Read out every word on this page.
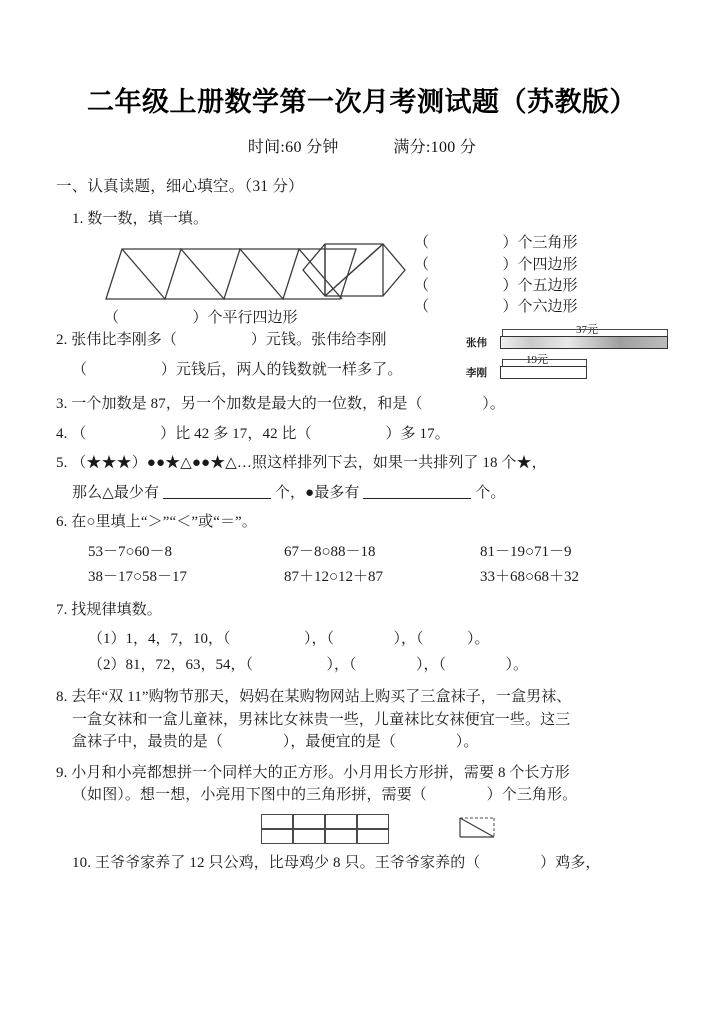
二年级上册数学第一次月考测试题（苏教版）
时间:60 分钟	满分:100 分
一、认真读题，细心填空。（31 分）
1. 数一数，填一填。
（	）个三角形
（	）个四边形
（	）个五边形
（	）个六边形
（	）个平行四边形
2. 张伟比李刚多（	）元钱。张伟给李刚
（	）元钱后，两人的钱数就一样多了。
张伟
37元
李刚
19元
3. 一个加数是 87，另一个加数是最大的一位数，和是（	）。
4. （	）比 42 多 17，42 比（	）多 17。
5. （★★★）●●★△●●★△…照这样排列下去，如果一共排列了 18 个★，
那么△最少有	个，●最多有	个。
6. 在○里填上“＞”“＜”或“＝”。
53－7○60－8	67－8○88－18	81－19○71－9
38－17○58－17	87＋12○12＋87	33＋68○68＋32
7. 找规律填数。
（1）1，4，7，10，（	），（	），（	）。
（2）81，72，63，54，（	），（	），（	）。
8. 去年“双 11”购物节那天，妈妈在某购物网站上购买了三盒袜子，一盒男袜、
一盒女袜和一盒儿童袜，男袜比女袜贵一些，儿童袜比女袜便宜一些。这三
盒袜子中，最贵的是（	），最便宜的是（	）。
9. 小月和小亮都想拼一个同样大的正方形。小月用长方形拼，需要 8 个长方形
（如图）。想一想，小亮用下图中的三角形拼，需要（	）个三角形。
10. 王爷爷家养了 12 只公鸡，比母鸡少 8 只。王爷爷家养的（	）鸡多，
